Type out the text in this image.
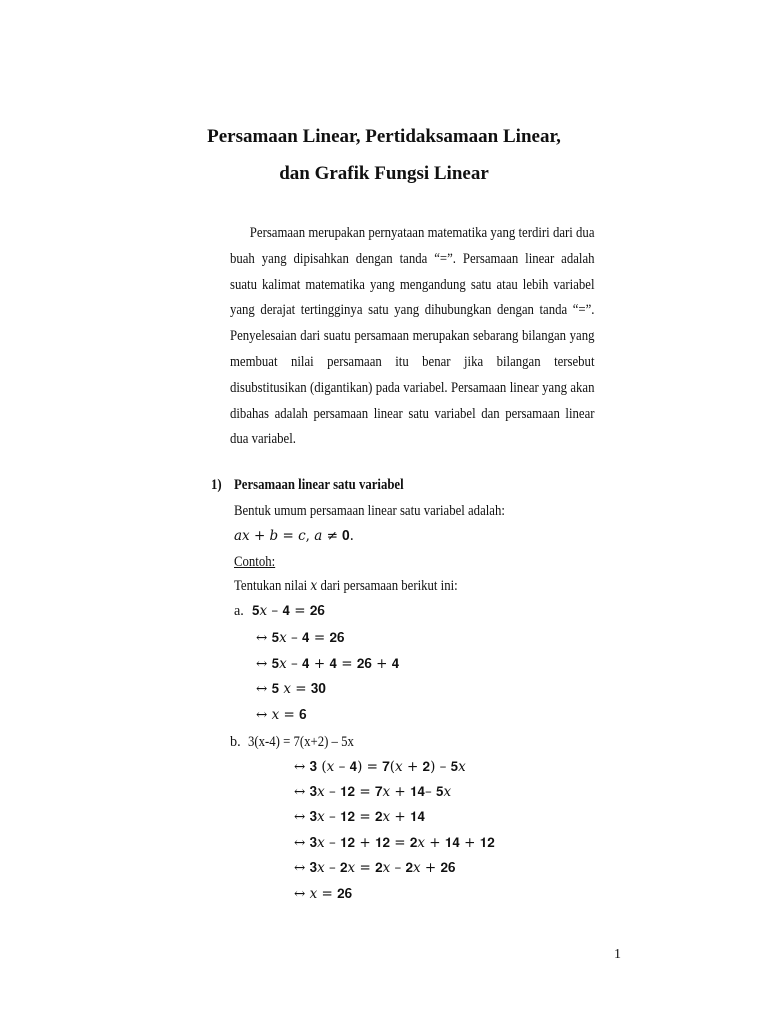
Persamaan Linear, Pertidaksamaan Linear,
dan Grafik Fungsi Linear
Persamaan merupakan pernyataan matematika yang terdiri dari dua buah yang dipisahkan dengan tanda “=”. Persamaan linear adalah suatu kalimat matematika yang mengandung satu atau lebih variabel yang derajat tertingginya satu yang dihubungkan dengan tanda “=”. Penyelesaian dari suatu persamaan merupakan sebarang bilangan yang membuat nilai persamaan itu benar jika bilangan tersebut disubstitusikan (digantikan) pada variabel. Persamaan linear yang akan dibahas adalah persamaan linear satu variabel dan persamaan linear dua variabel.
1) Persamaan linear satu variabel
Bentuk umum persamaan linear satu variabel adalah:
𝑎𝑥 + 𝑏 = 𝑐, 𝑎 ≠ 𝟎.
Contoh:
Tentukan nilai 𝑥 dari persamaan berikut ini:
a. 𝟓𝑥 – 𝟒 = 𝟐𝟔
↔ 𝟓𝑥 – 𝟒 = 𝟐𝟔
↔ 𝟓𝑥 – 𝟒 + 𝟒 = 𝟐𝟔 + 𝟒
↔ 𝟓 𝑥 = 𝟑𝟎
↔ 𝑥 = 𝟔
b. 3(x-4) = 7(x+2) – 5x
↔ 𝟑 (𝑥 – 𝟒) = 𝟕(𝑥 + 𝟐) – 𝟓𝑥
↔ 𝟑𝑥 – 𝟏𝟐 = 𝟕𝑥 + 𝟏𝟒– 𝟓𝑥
↔ 𝟑𝑥 – 𝟏𝟐 = 𝟐𝑥 + 𝟏𝟒
↔ 𝟑𝑥 – 𝟏𝟐 + 𝟏𝟐 = 𝟐𝑥 + 𝟏𝟒 + 𝟏𝟐
↔ 𝟑𝑥 – 𝟐𝑥 = 𝟐𝑥 – 𝟐𝑥 + 𝟐𝟔
↔ 𝑥 = 𝟐𝟔
1
